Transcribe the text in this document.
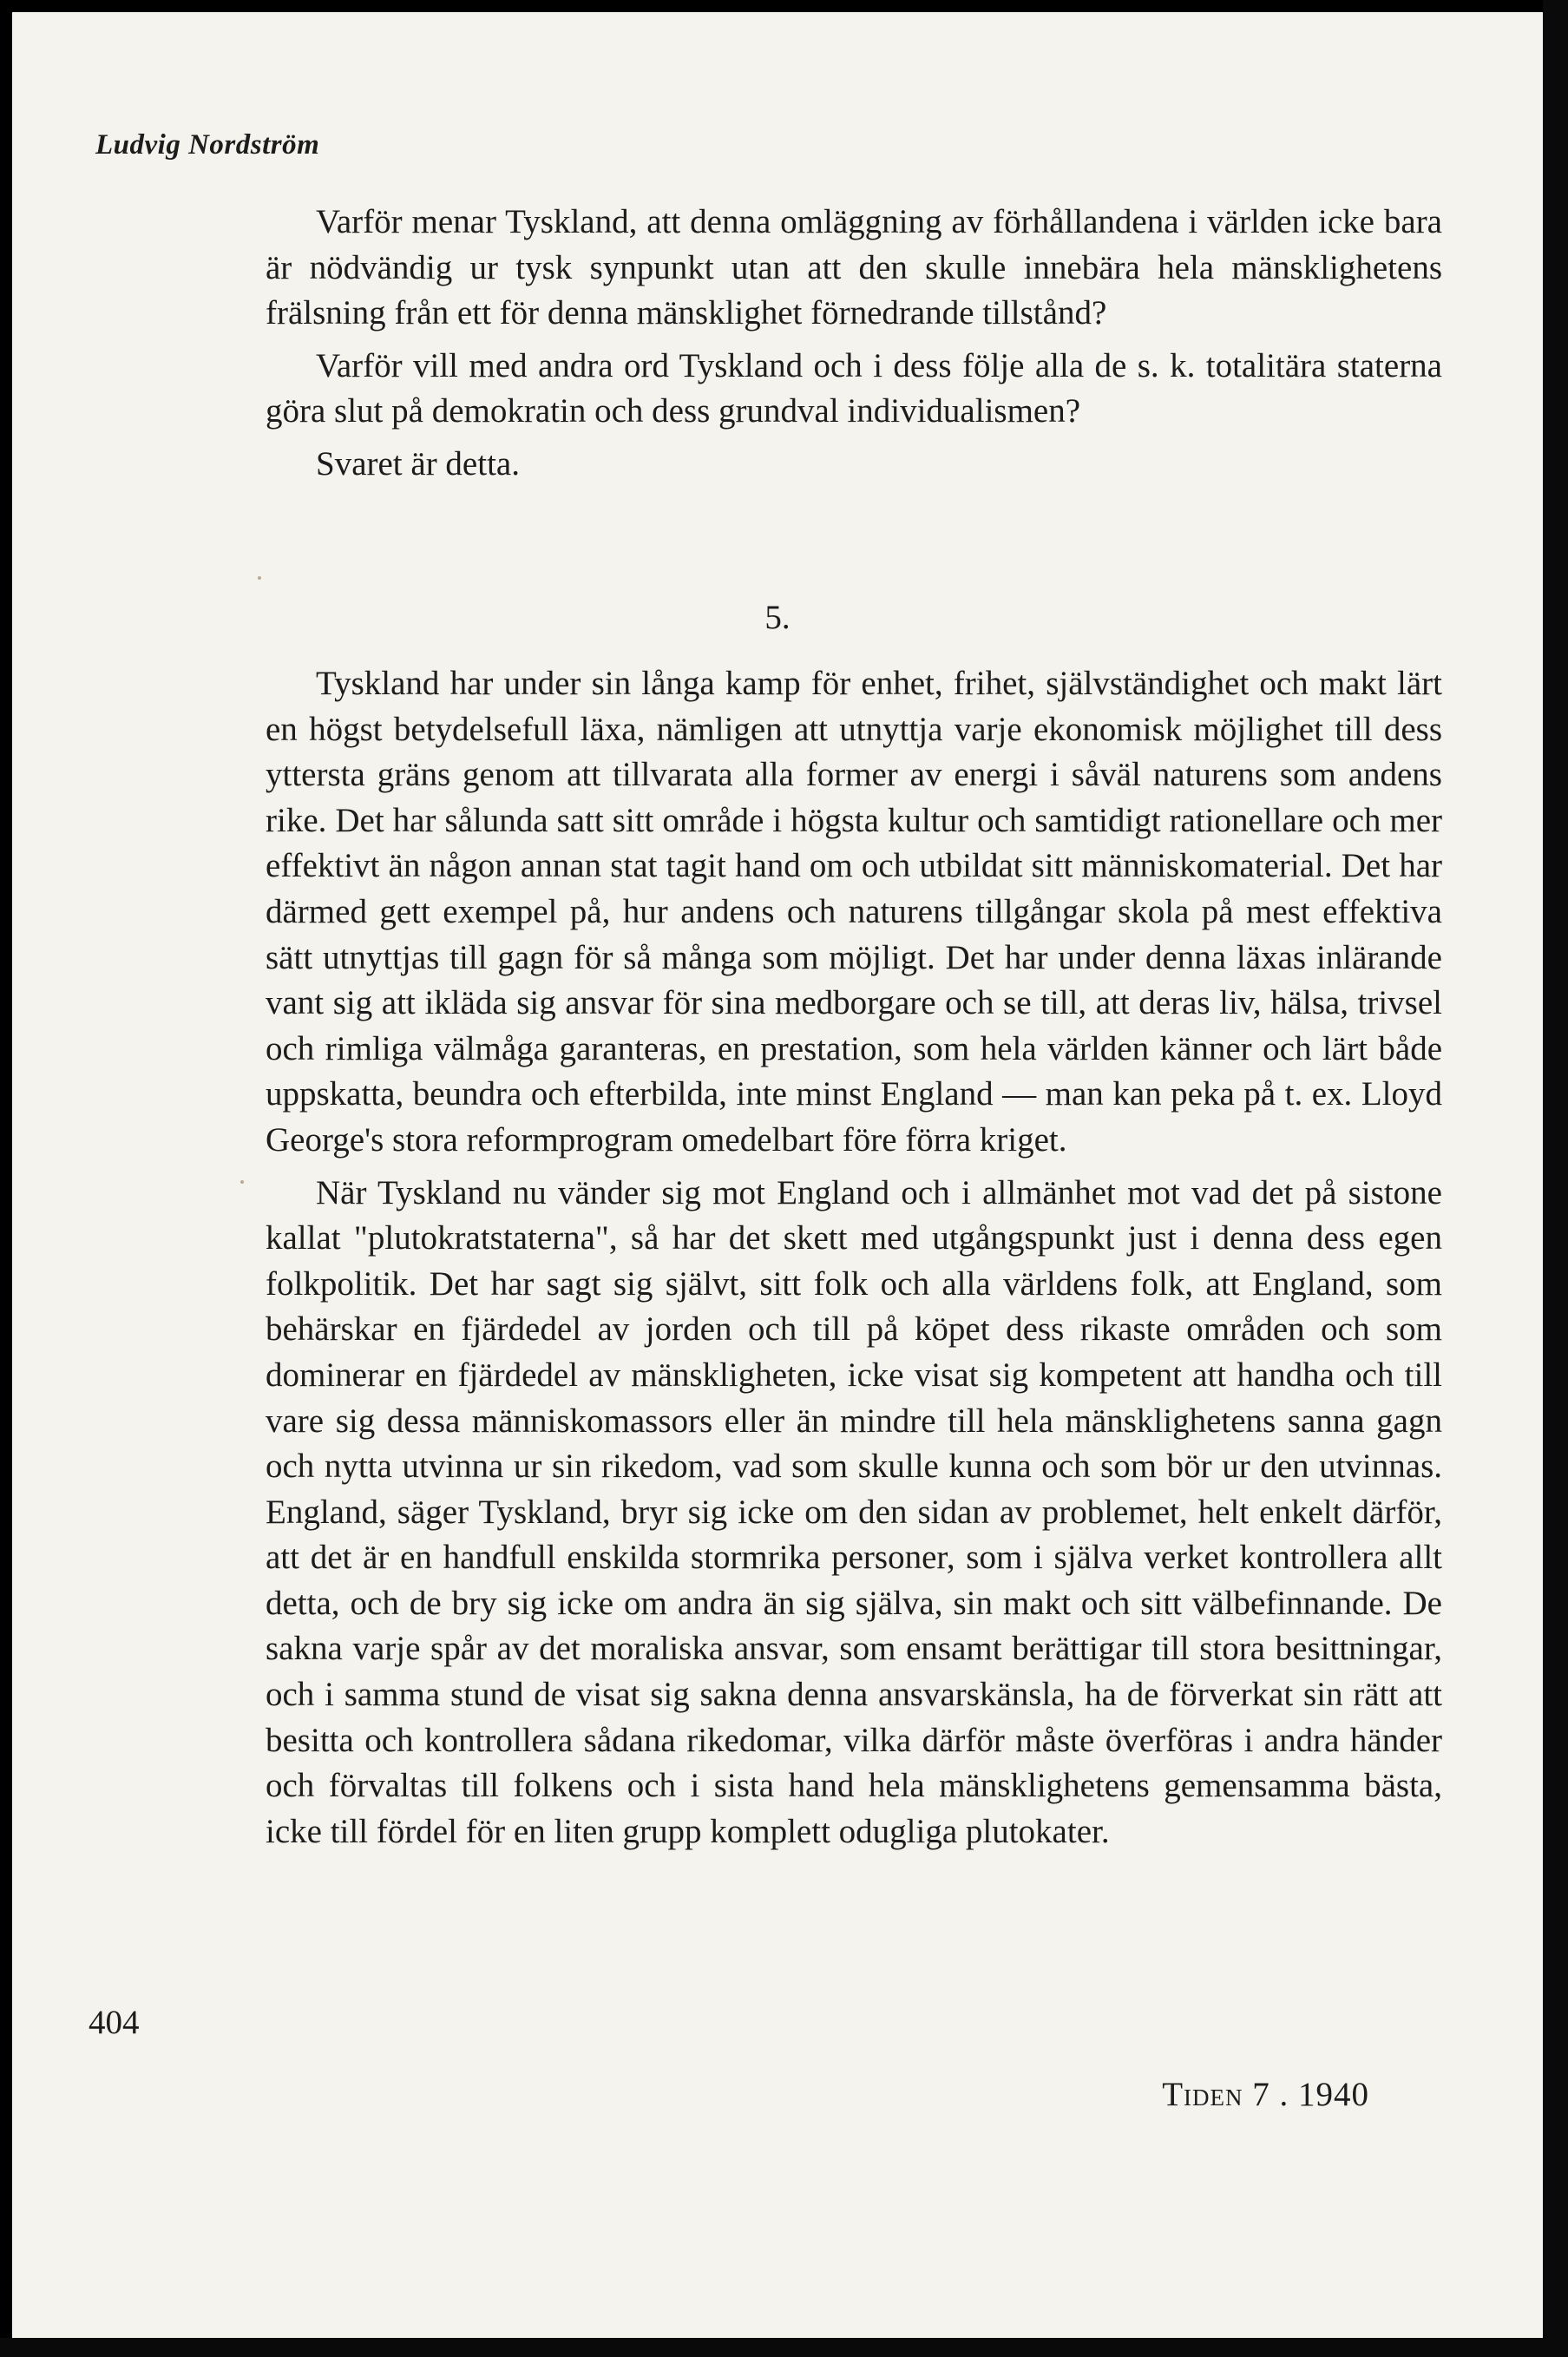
Ludvig Nordström

Varför menar Tyskland, att denna omläggning av förhållandena i världen icke bara är nödvändig ur tysk synpunkt utan att den skulle innebära hela mänsklighetens frälsning från ett för denna mänsklighet förnedrande tillstånd?

Varför vill med andra ord Tyskland och i dess följe alla de s. k. totalitära staterna göra slut på demokratin och dess grundval individualismen?

Svaret är detta.

5.

Tyskland har under sin långa kamp för enhet, frihet, självständighet och makt lärt en högst betydelsefull läxa, nämligen att utnyttja varje ekonomisk möjlighet till dess yttersta gräns genom att tillvarata alla former av energi i såväl naturens som andens rike. Det har sålunda satt sitt område i högsta kultur och samtidigt rationellare och mer effektivt än någon annan stat tagit hand om och utbildat sitt människomaterial. Det har därmed gett exempel på, hur andens och naturens tillgångar skola på mest effektiva sätt utnyttjas till gagn för så många som möjligt. Det har under denna läxas inlärande vant sig att ikläda sig ansvar för sina medborgare och se till, att deras liv, hälsa, trivsel och rimliga välmåga garanteras, en prestation, som hela världen känner och lärt både uppskatta, beundra och efterbilda, inte minst England — man kan peka på t. ex. Lloyd George's stora reformprogram omedelbart före förra kriget.

När Tyskland nu vänder sig mot England och i allmänhet mot vad det på sistone kallat "plutokratstaterna", så har det skett med utgångspunkt just i denna dess egen folkpolitik. Det har sagt sig självt, sitt folk och alla världens folk, att England, som behärskar en fjärdedel av jorden och till på köpet dess rikaste områden och som dominerar en fjärdedel av mänskligheten, icke visat sig kompetent att handha och till vare sig dessa människomassors eller än mindre till hela mänsklighetens sanna gagn och nytta utvinna ur sin rikedom, vad som skulle kunna och som bör ur den utvinnas. England, säger Tyskland, bryr sig icke om den sidan av problemet, helt enkelt därför, att det är en handfull enskilda stormrika personer, som i själva verket kontrollera allt detta, och de bry sig icke om andra än sig själva, sin makt och sitt välbefinnande. De sakna varje spår av det moraliska ansvar, som ensamt berättigar till stora besittningar, och i samma stund de visat sig sakna denna ansvarskänsla, ha de förverkat sin rätt att besitta och kontrollera sådana rikedomar, vilka därför måste överföras i andra händer och förvaltas till folkens och i sista hand hela mänsklighetens gemensamma bästa, icke till fördel för en liten grupp komplett odugliga plutokater.

404
Tiden 7 . 1940
